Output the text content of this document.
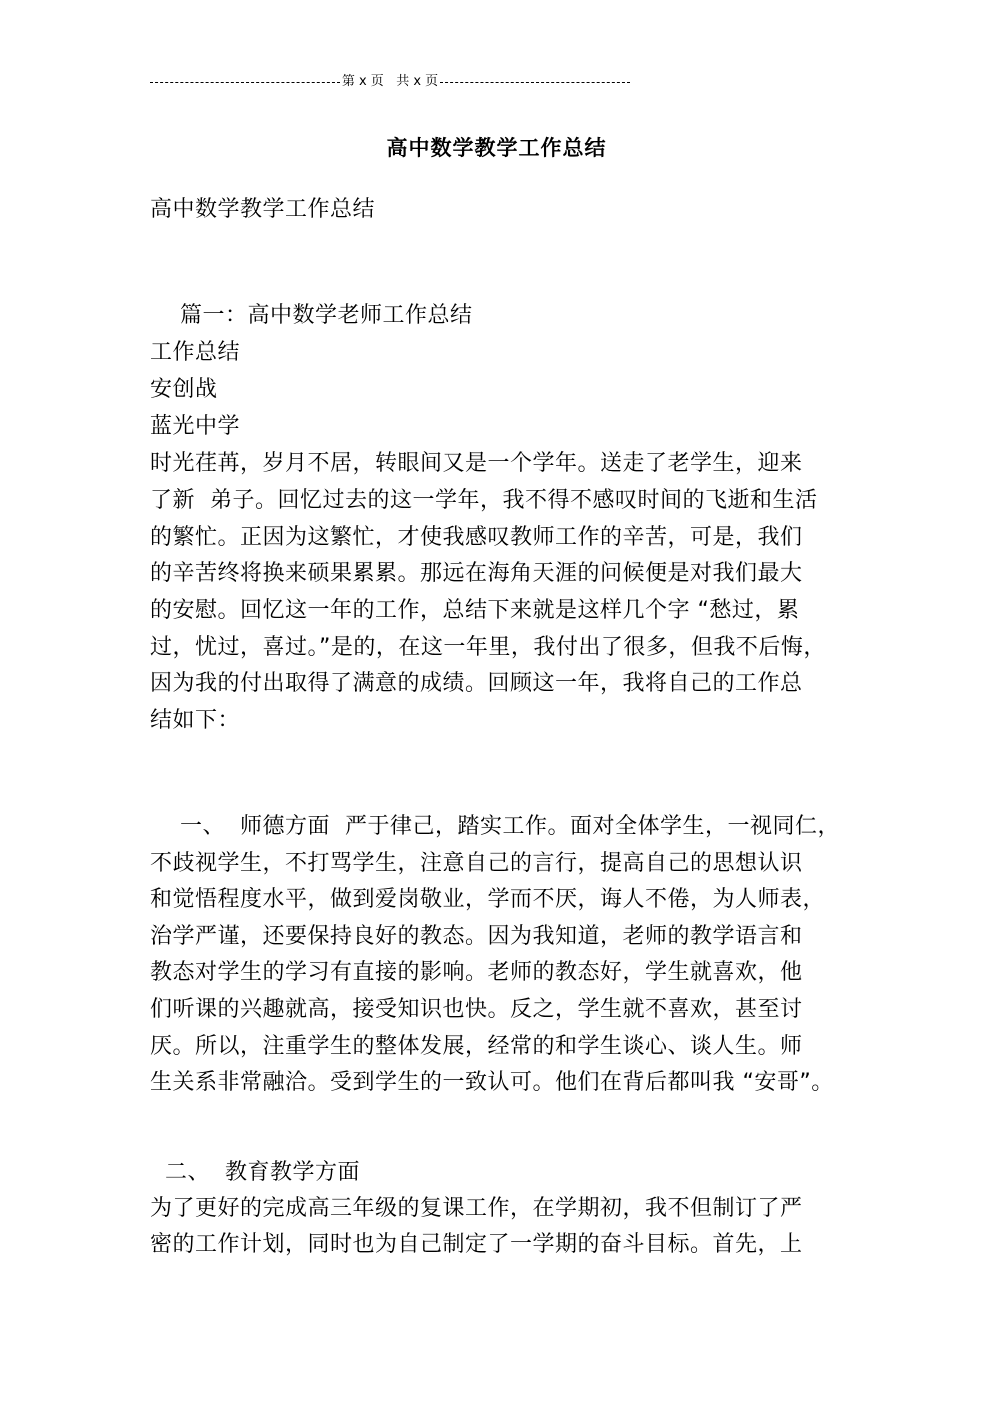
第 x 页   共 x 页
高中数学教学工作总结
高中数学教学工作总结
篇一：高中数学老师工作总结
工作总结
安创战
蓝光中学
时光荏苒，岁月不居，转眼间又是一个学年。送走了老学生，迎来
了新  弟子。回忆过去的这一学年，我不得不感叹时间的飞逝和生活
的繁忙。正因为这繁忙，才使我感叹教师工作的辛苦，可是，我们
的辛苦终将换来硕果累累。那远在海角天涯的问候便是对我们最大
的安慰。回忆这一年的工作，总结下来就是这样几个字 “愁过，累
过，忧过，喜过。”是的，在这一年里，我付出了很多，但我不后悔，
因为我的付出取得了满意的成绩。回顾这一年，我将自己的工作总
结如下：
一、  师德方面  严于律己，踏实工作。面对全体学生，一视同仁，
不歧视学生，不打骂学生，注意自己的言行，提高自己的思想认识
和觉悟程度水平，做到爱岗敬业，学而不厌，诲人不倦，为人师表，
治学严谨，还要保持良好的教态。因为我知道，老师的教学语言和
教态对学生的学习有直接的影响。老师的教态好，学生就喜欢，他
们听课的兴趣就高，接受知识也快。反之，学生就不喜欢，甚至讨
厌。所以，注重学生的整体发展，经常的和学生谈心、谈人生。师
生关系非常融洽。受到学生的一致认可。他们在背后都叫我 “安哥”。
二、  教育教学方面
为了更好的完成高三年级的复课工作，在学期初，我不但制订了严
密的工作计划，同时也为自己制定了一学期的奋斗目标。首先，上
